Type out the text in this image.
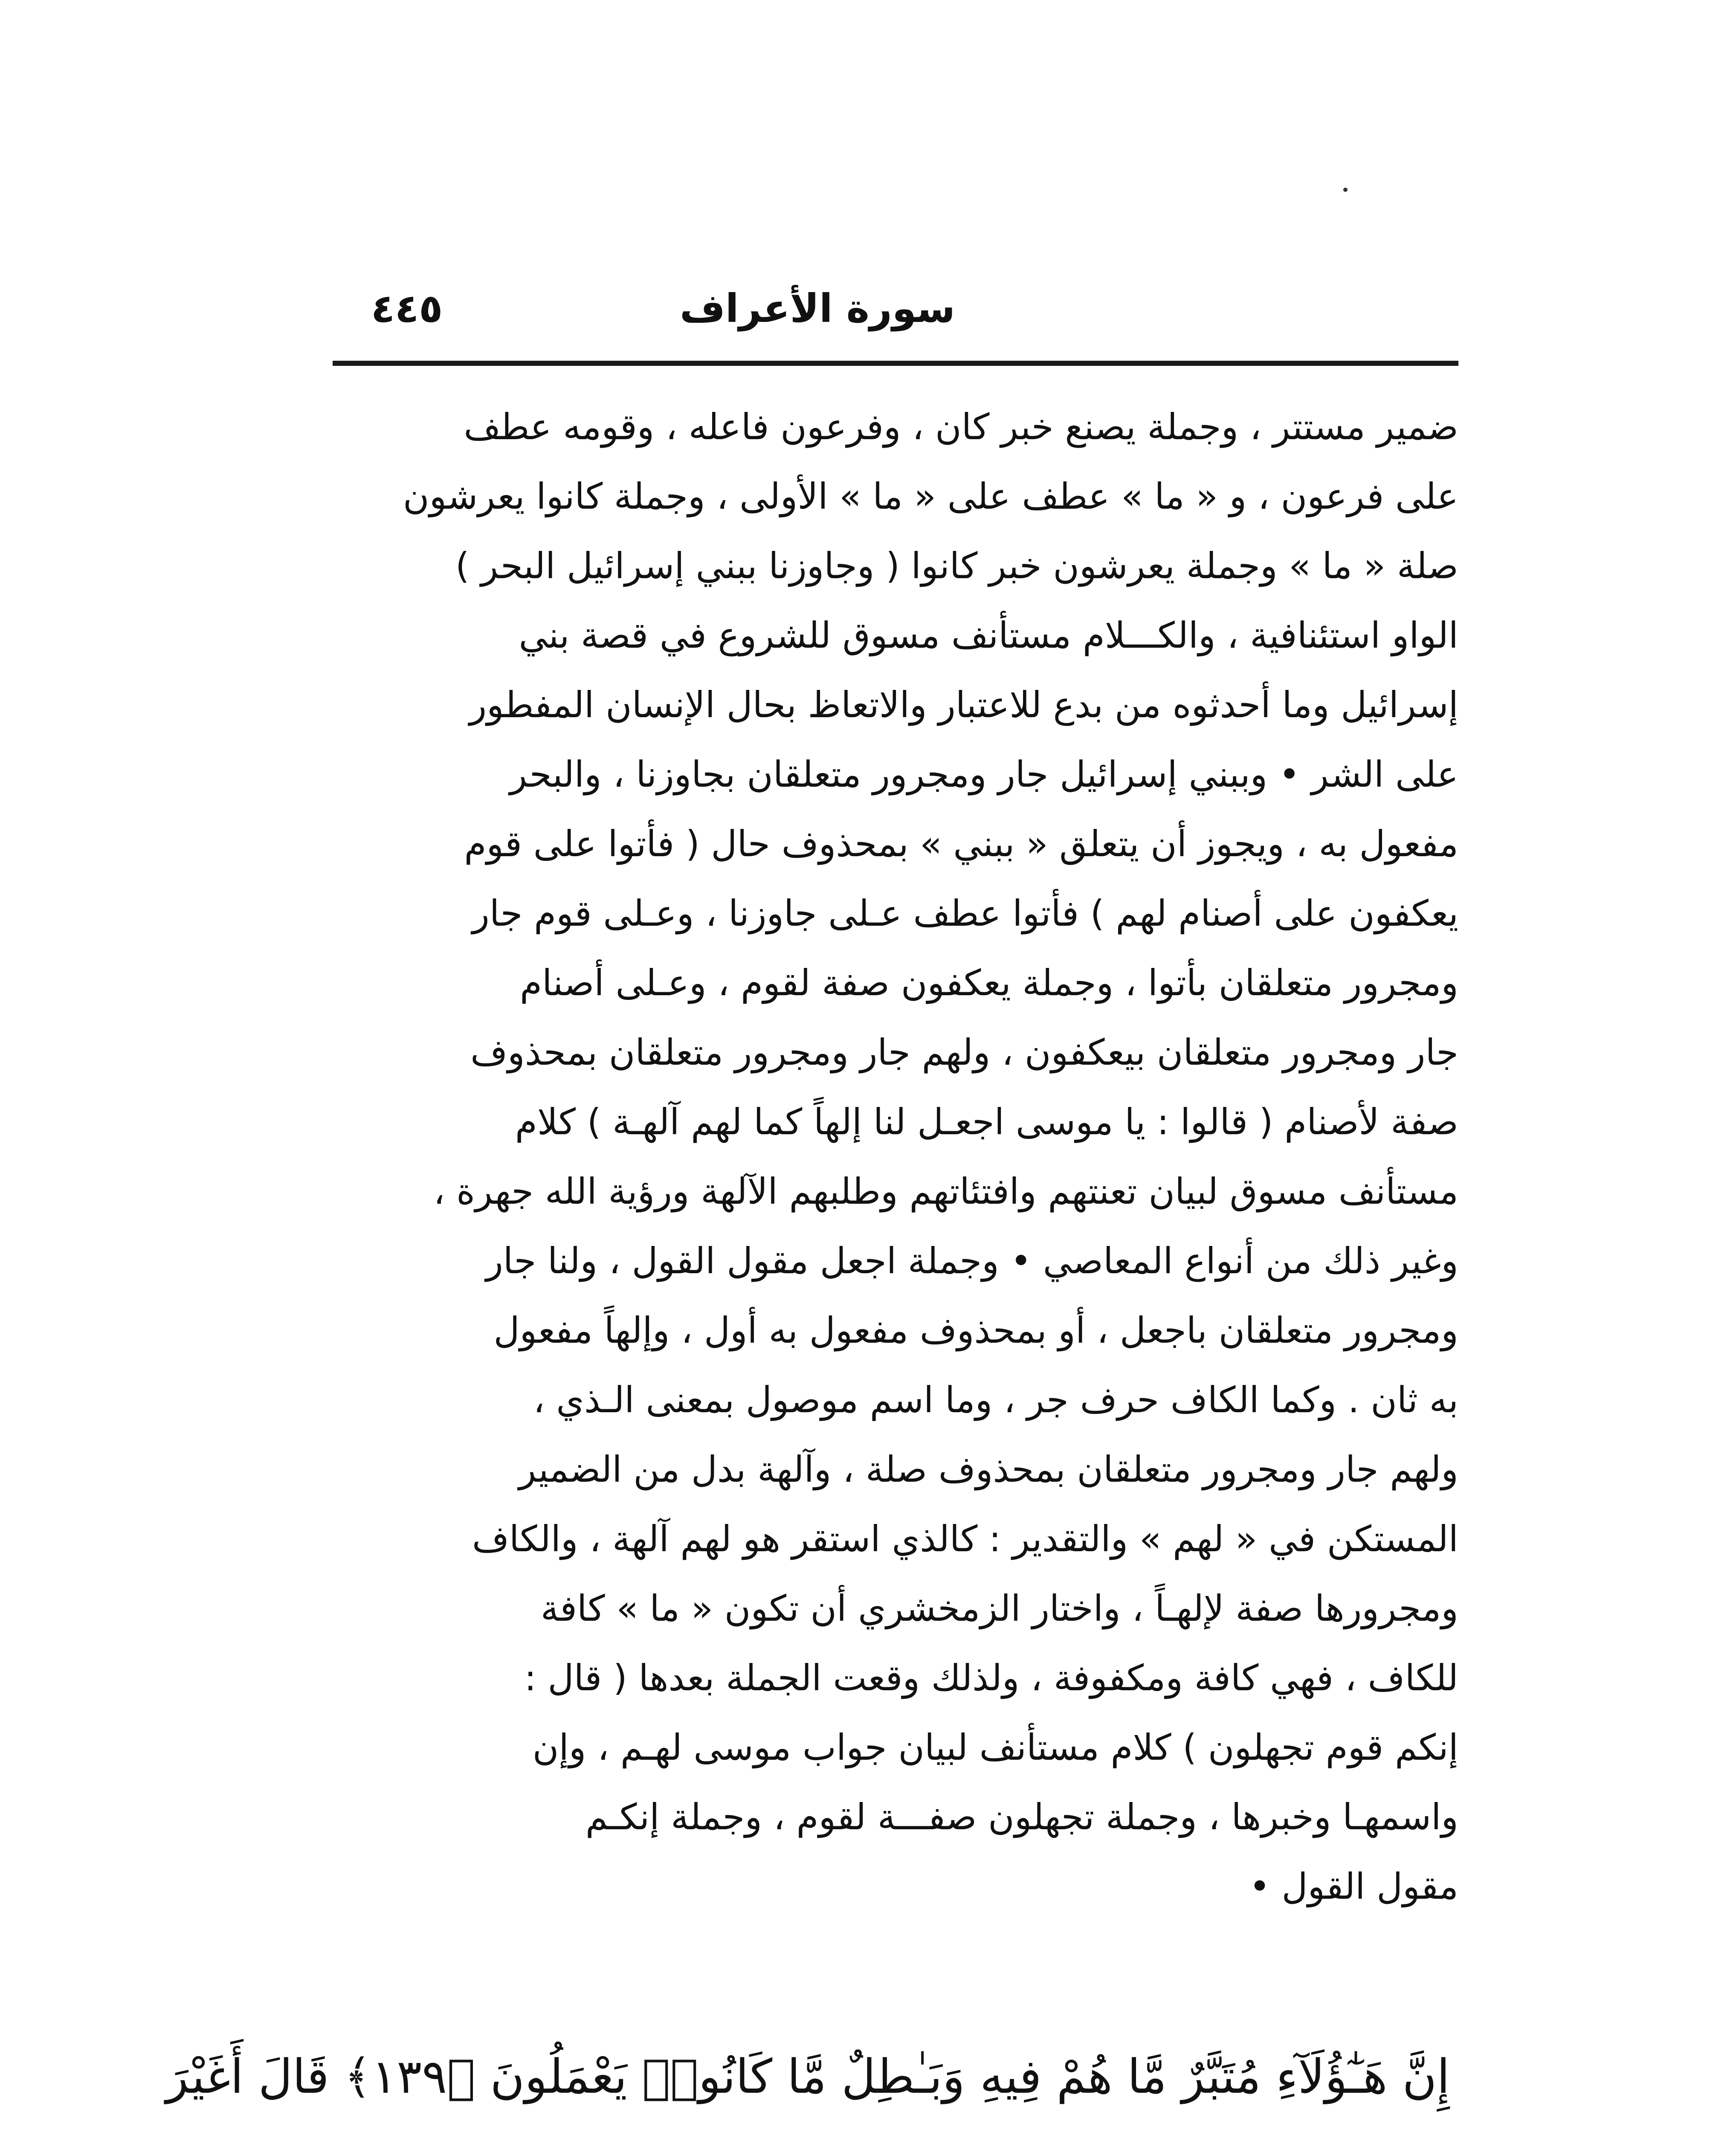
سورة الأعراف
٤٤٥
ضمير مستتر ، وجملة يصنع خبر كان ، وفرعون فاعله ، وقومه عطف
على فرعون ، و « ما » عطف على « ما » الأولى ، وجملة كانوا يعرشون
صلة « ما » وجملة يعرشون خبر كانوا ( وجاوزنا ببني إسرائيل البحر )
الواو استئنافية ، والكـــلام مستأنف مسوق للشروع في قصة بني
إسرائيل وما أحدثوه من بدع للاعتبار والاتعاظ بحال الإنسان المفطور
على الشر • وببني إسرائيل جار ومجرور متعلقان بجاوزنا ، والبحر
مفعول به ، ويجوز أن يتعلق « ببني » بمحذوف حال ( فأتوا على قوم
يعكفون على أصنام لهم ) فأتوا عطف عـلى جاوزنا ، وعـلى قوم جار
ومجرور متعلقان بأتوا ، وجملة يعكفون صفة لقوم ، وعـلى أصنام
جار ومجرور متعلقان بيعكفون ، ولهم جار ومجرور متعلقان بمحذوف
صفة لأصنام ( قالوا : يا موسى اجعـل لنا إلهاً كما لهم آلهـة ) كلام
مستأنف مسوق لبيان تعنتهم وافتئاتهم وطلبهم الآلهة ورؤية الله جهرة ،
وغير ذلك من أنواع المعاصي • وجملة اجعل مقول القول ، ولنا جار
ومجرور متعلقان باجعل ، أو بمحذوف مفعول به أول ، وإلهاً مفعول
به ثان . وكما الكاف حرف جر ، وما اسم موصول بمعنى الـذي ،
ولهم جار ومجرور متعلقان بمحذوف صلة ، وآلهة بدل من الضمير
المستكن في « لهم » والتقدير : كالذي استقر هو لهم آلهة ، والكاف
ومجرورها صفة لإلهـاً ، واختار الزمخشري أن تكون « ما » كافة
للكاف ، فهي كافة ومكفوفة ، ولذلك وقعت الجملة بعدها ( قال :
إنكم قوم تجهلون ) كلام مستأنف لبيان جواب موسى لهـم ، وإن
واسمهـا وخبرها ، وجملة تجهلون صفـــة لقوم ، وجملة إنكـم
مقول القول •
إِنَّ هَـٰٓؤُلَآءِ مُتَبَّرٌ مَّا هُمْ فِيهِ وَبَـٰطِلٌ مَّا كَانُوا۟ يَعْمَلُونَ ﴿١٣٩﴾ قَالَ أَغَيْرَ
